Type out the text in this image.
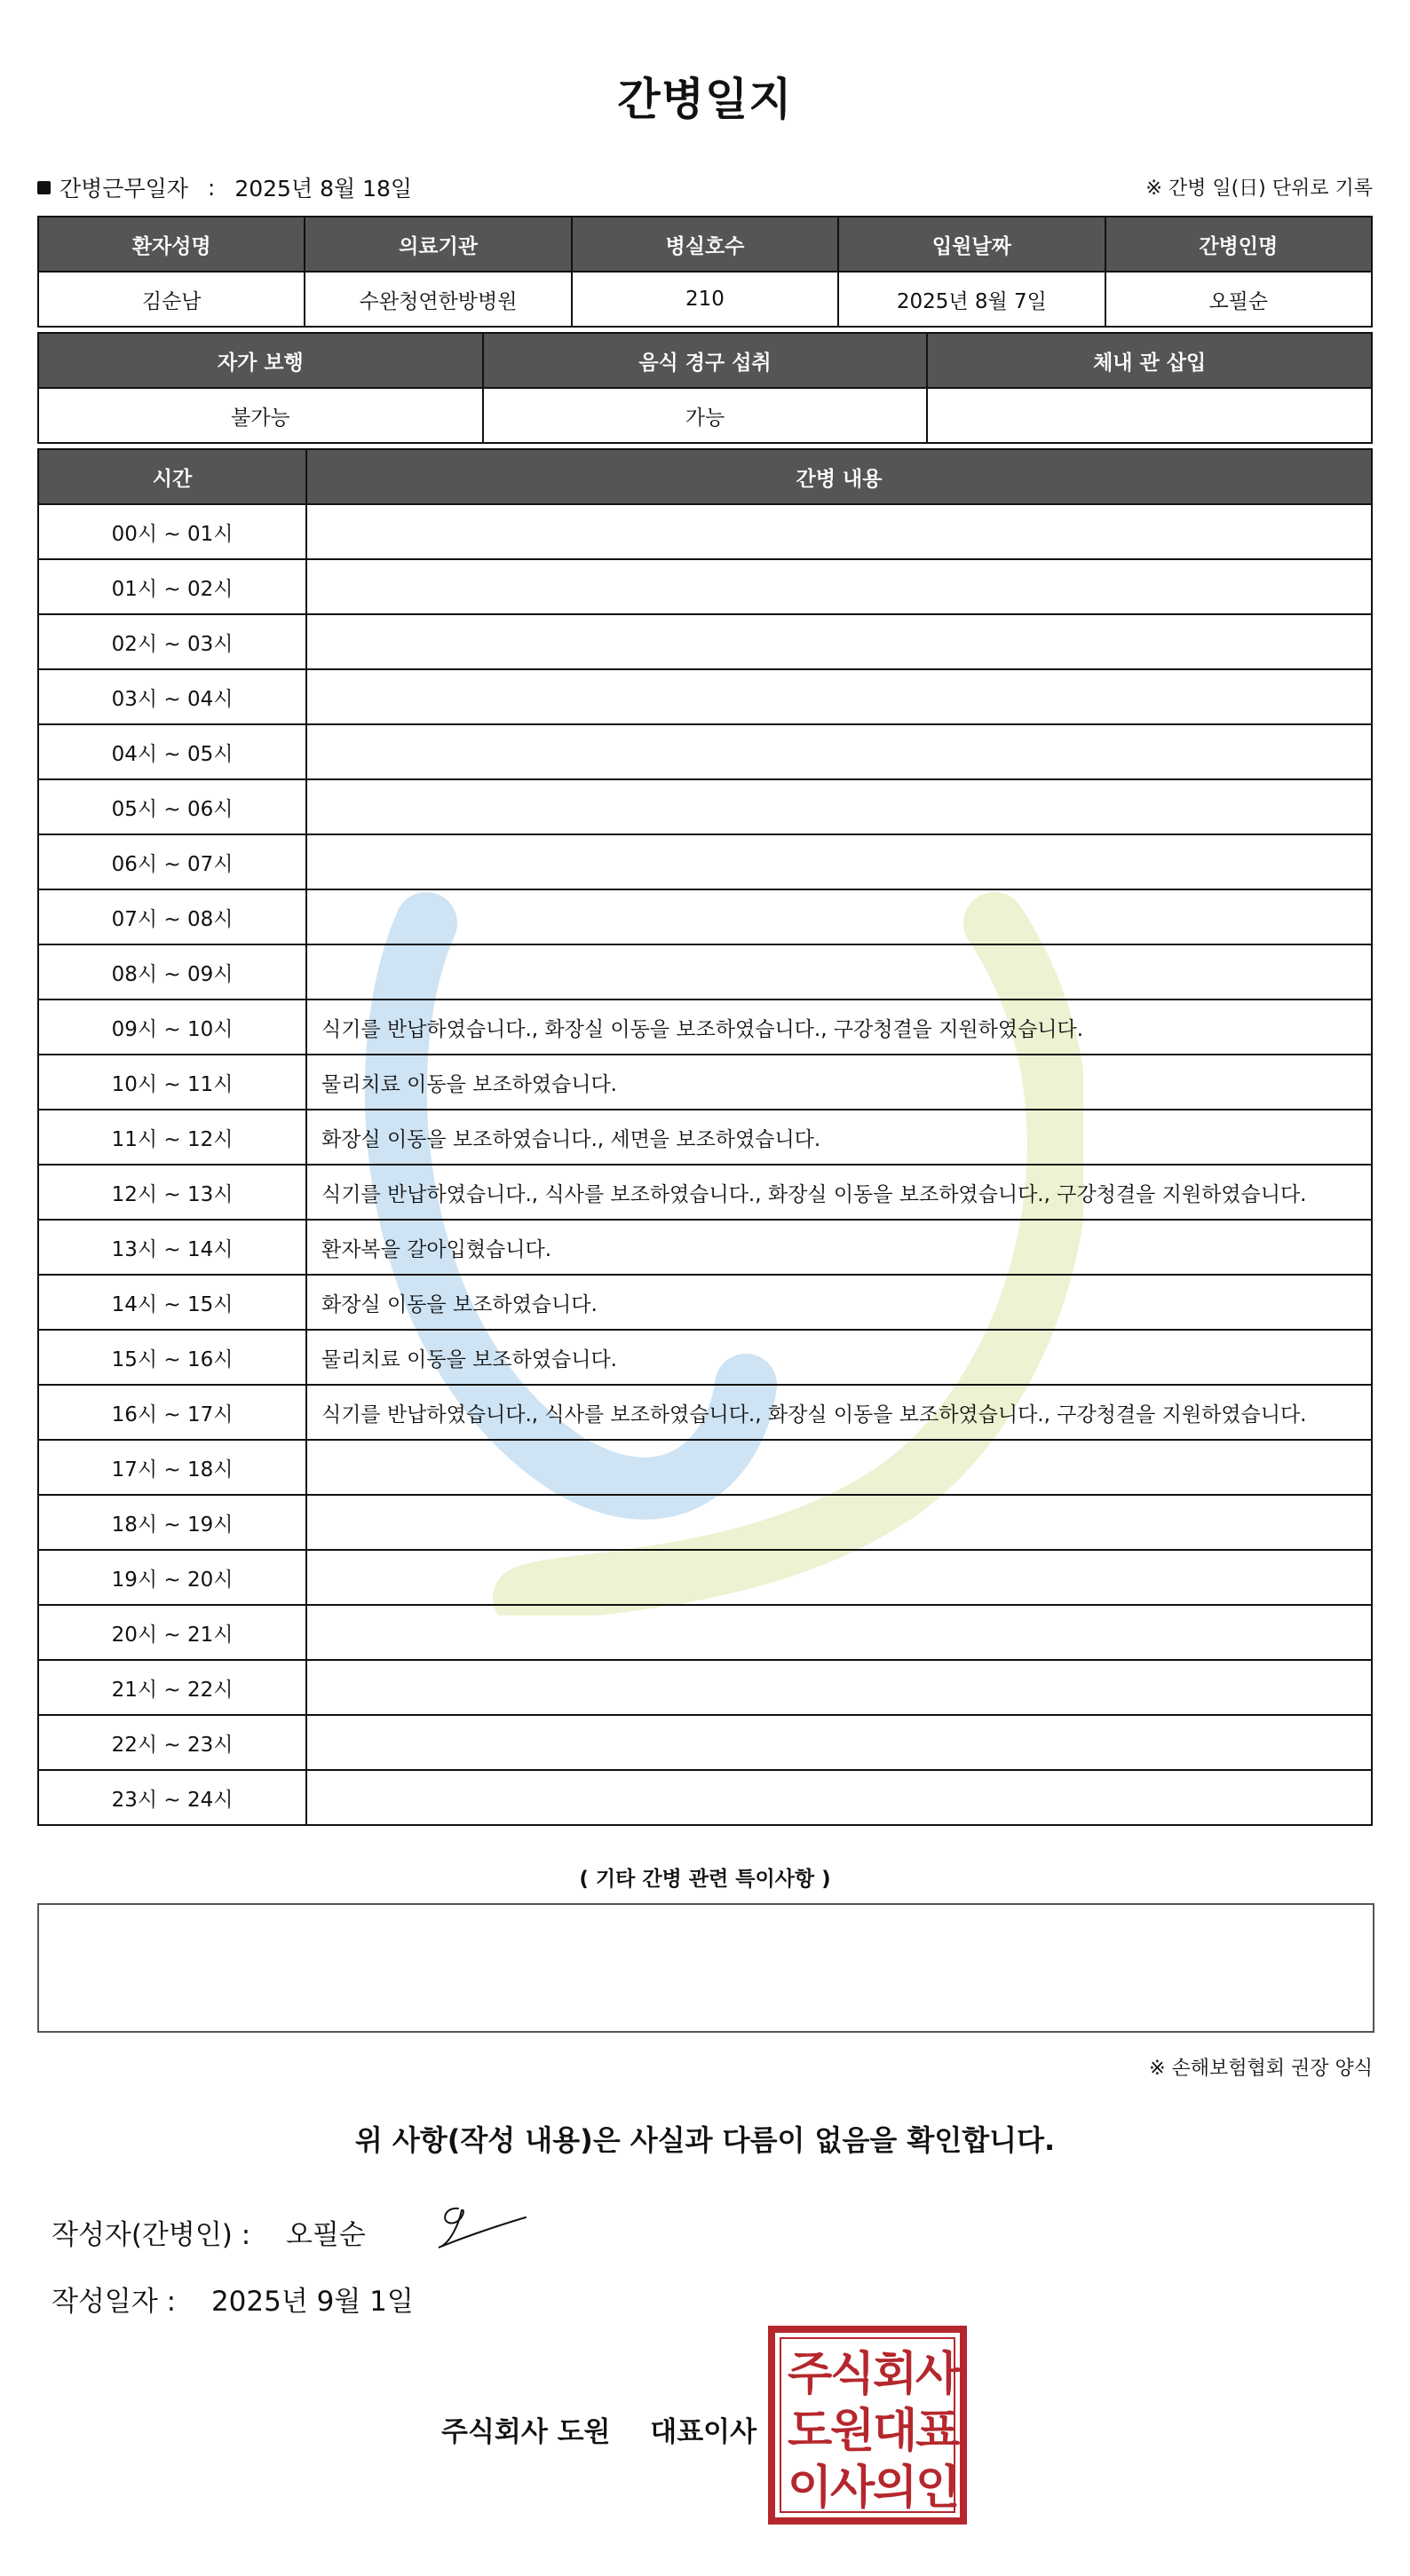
간병일지
간병근무일자 : 2025년 8월 18일	※ 간병 일(日) 단위로 기록
환자성명	의료기관	병실호수	입원날짜	간병인명
김순남	수완청연한방병원	210	2025년 8월 7일	오필순
자가 보행	음식 경구 섭취	체내 관 삽입
불가능	가능	
시간	간병 내용
00시 ~ 01시	
01시 ~ 02시	
02시 ~ 03시	
03시 ~ 04시	
04시 ~ 05시	
05시 ~ 06시	
06시 ~ 07시	
07시 ~ 08시	
08시 ~ 09시	
09시 ~ 10시	식기를 반납하였습니다., 화장실 이동을 보조하였습니다., 구강청결을 지원하였습니다.
10시 ~ 11시	물리치료 이동을 보조하였습니다.
11시 ~ 12시	화장실 이동을 보조하였습니다., 세면을 보조하였습니다.
12시 ~ 13시	식기를 반납하였습니다., 식사를 보조하였습니다., 화장실 이동을 보조하였습니다., 구강청결을 지원하였습니다.
13시 ~ 14시	환자복을 갈아입혔습니다.
14시 ~ 15시	화장실 이동을 보조하였습니다.
15시 ~ 16시	물리치료 이동을 보조하였습니다.
16시 ~ 17시	식기를 반납하였습니다., 식사를 보조하였습니다., 화장실 이동을 보조하였습니다., 구강청결을 지원하였습니다.
17시 ~ 18시	
18시 ~ 19시	
19시 ~ 20시	
20시 ~ 21시	
21시 ~ 22시	
22시 ~ 23시	
23시 ~ 24시	
( 기타 간병 관련 특이사항 )
※ 손해보험협회 권장 양식
위 사항(작성 내용)은 사실과 다름이 없음을 확인합니다.
작성자(간병인) : 오필순
작성일자 : 2025년 9월 1일
주식회사 도원 대표이사
주
식
회
사
도
원
대
표
이
사
의
인
